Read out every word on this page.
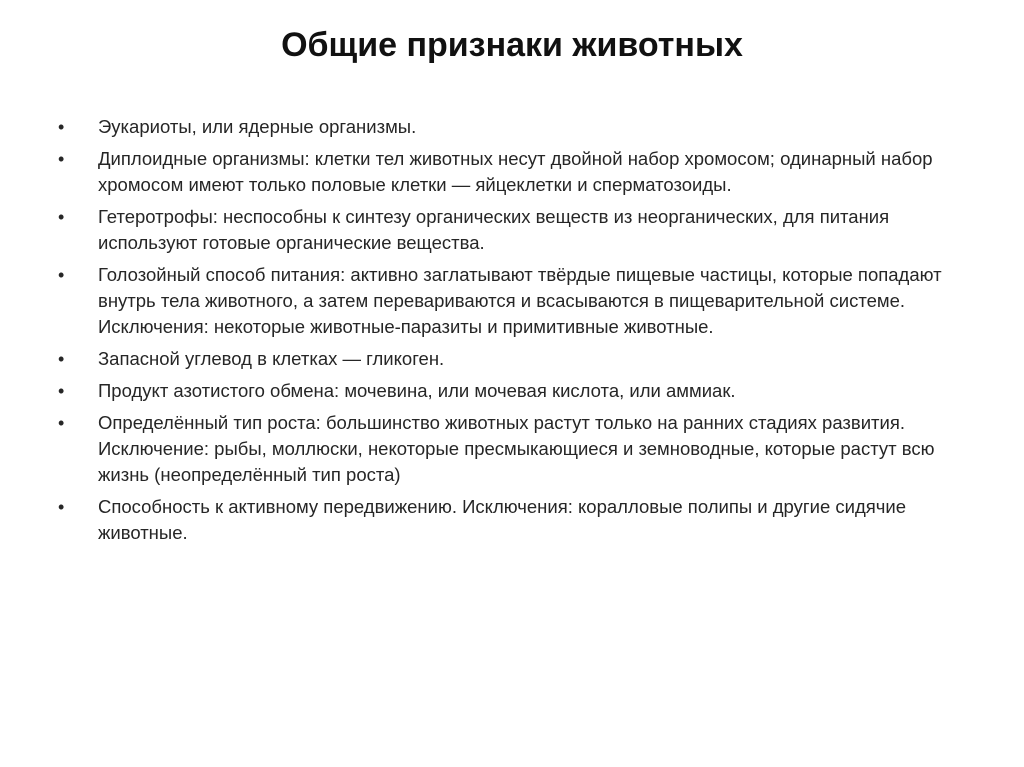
Общие признаки животных
•	Эукариоты, или ядерные организмы.
•	Диплоидные организмы: клетки тел животных несут двойной набор хромосом; одинарный набор хромосом имеют только половые клетки — яйцеклетки и сперматозоиды.
•	Гетеротрофы: неспособны к синтезу органических веществ из неорганических, для питания используют готовые органические вещества.
•	Голозойный способ питания: активно заглатывают твёрдые пищевые частицы, которые попадают внутрь тела животного, а затем перевариваются и всасываются в пищеварительной системе. Исключения: некоторые животные-паразиты и примитивные животные.
•	Запасной углевод в клетках — гликоген.
•	Продукт азотистого обмена: мочевина, или мочевая кислота, или аммиак.
•	Определённый тип роста: большинство животных растут только на ранних стадиях развития. Исключение: рыбы, моллюски, некоторые пресмыкающиеся и земноводные, которые растут всю жизнь (неопределённый тип роста)
•	Способность к активному передвижению. Исключения: коралловые полипы и другие сидячие животные.
